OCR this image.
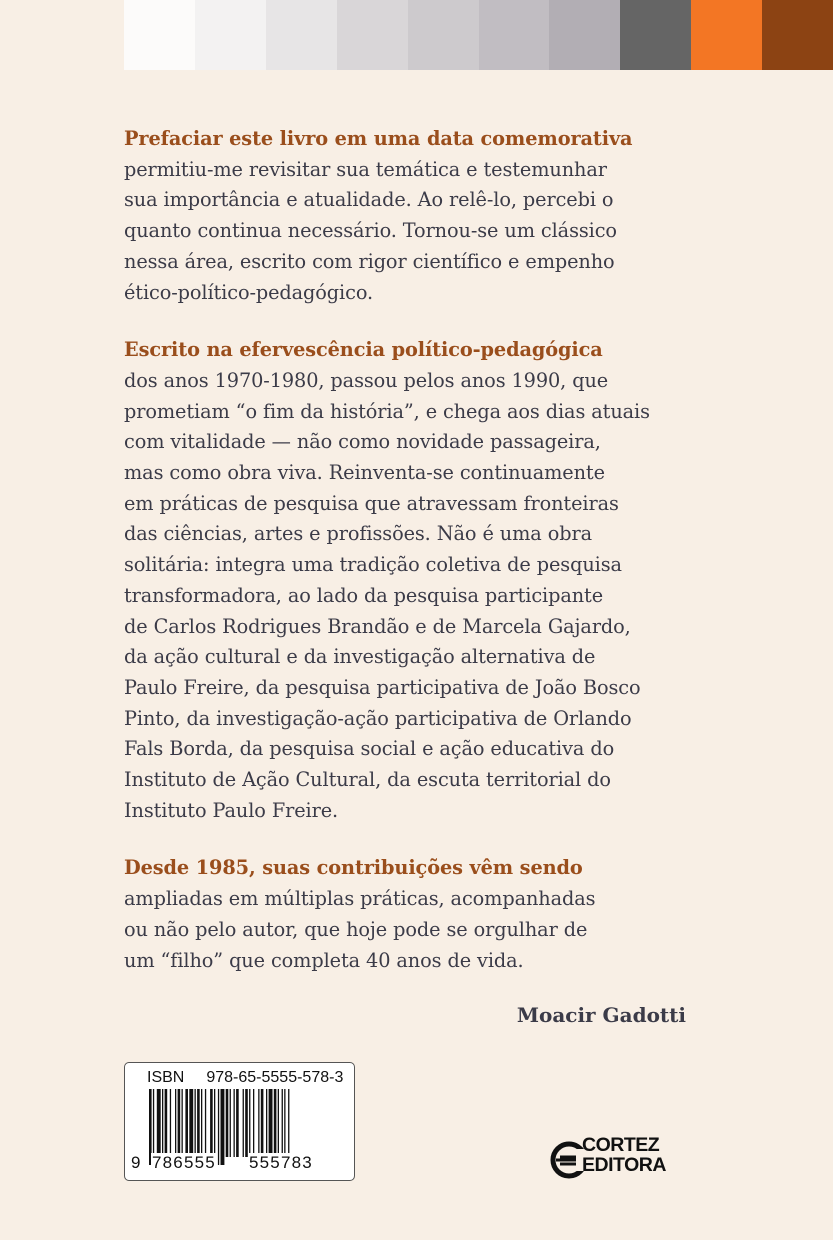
Prefaciar este livro em uma data comemorativa
permitiu-me revisitar sua temática e testemunhar
sua importância e atualidade. Ao relê-lo, percebi o
quanto continua necessário. Tornou-se um clássico
nessa área, escrito com rigor científico e empenho
ético-político-pedagógico.

Escrito na efervescência político-pedagógica
dos anos 1970-1980, passou pelos anos 1990, que
prometiam “o fim da história”, e chega aos dias atuais
com vitalidade — não como novidade passageira,
mas como obra viva. Reinventa-se continuamente
em práticas de pesquisa que atravessam fronteiras
das ciências, artes e profissões. Não é uma obra
solitária: integra uma tradição coletiva de pesquisa
transformadora, ao lado da pesquisa participante
de Carlos Rodrigues Brandão e de Marcela Gajardo,
da ação cultural e da investigação alternativa de
Paulo Freire, da pesquisa participativa de João Bosco
Pinto, da investigação-ação participativa de Orlando
Fals Borda, da pesquisa social e ação educativa do
Instituto de Ação Cultural, da escuta territorial do
Instituto Paulo Freire.

Desde 1985, suas contribuições vêm sendo
ampliadas em múltiplas práticas, acompanhadas
ou não pelo autor, que hoje pode se orgulhar de
um “filho” que completa 40 anos de vida.

Moacir Gadotti
ISBN 978-65-5555-578-3
9 786555 555783
CORTEZ
EDITORA
